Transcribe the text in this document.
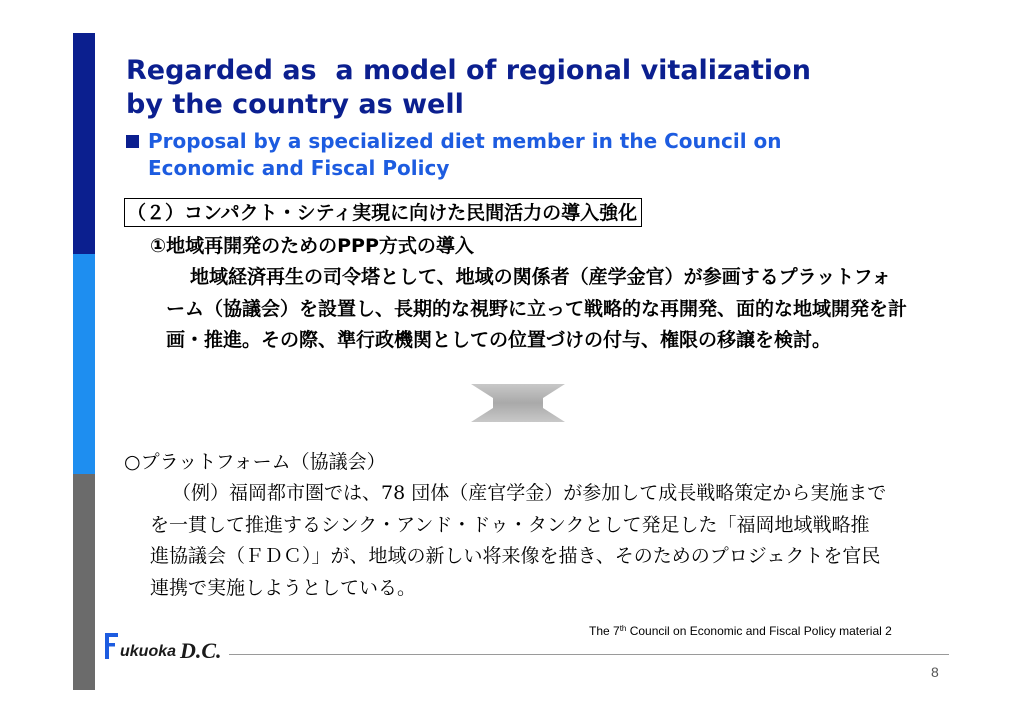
Regarded as  a model of regional vitalization
by the country as well
Proposal by a specialized diet member in the Council on
Economic and Fiscal Policy
（２）コンパクト・シティ実現に向けた民間活力の導入強化
①地域再開発のためのPPP方式の導入

地域経済再生の司令塔として、地域の関係者（産学金官）が参画するプラットフォーム（協議会）を設置し、長期的な視野に立って戦略的な再開発、面的な地域開発を計画・推進。その際、準行政機関としての位置づけの付与、権限の移譲を検討。

○プラットフォーム（協議会）

（例）福岡都市圏では、78 団体（産官学金）が参加して成長戦略策定から実施までを一貫して推進するシンク・アンド・ドゥ・タンクとして発足した「福岡地域戦略推進協議会（ＦＤＣ）」が、地域の新しい将来像を描き、そのためのプロジェクトを官民連携で実施しようとしている。

The 7th Council on Economic and Fiscal Policy material 2
ukuoka D.C.
8
